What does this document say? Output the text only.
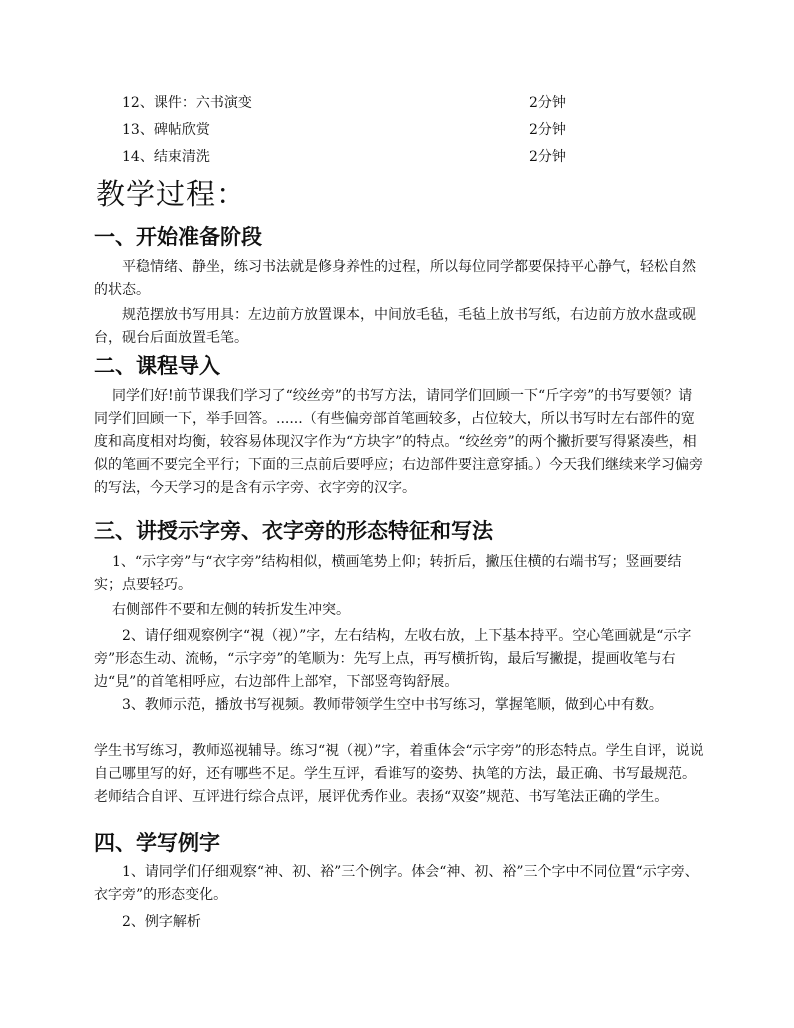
12、课件：六书演变	2分钟
13、碑帖欣赏	2分钟
14、结束清洗	2分钟
教学过程：
一、开始准备阶段

平稳情绪、静坐，练习书法就是修身养性的过程，所以每位同学都要保持平心静气，轻松自然的状态。

规范摆放书写用具：左边前方放置课本，中间放毛毡，毛毡上放书写纸，右边前方放水盘或砚台，砚台后面放置毛笔。

二、课程导入

同学们好!前节课我们学习了“绞丝旁”的书写方法，请同学们回顾一下“斤字旁”的书写要领？请同学们回顾一下，举手回答。......（有些偏旁部首笔画较多，占位较大，所以书写时左右部件的宽度和高度相对均衡，较容易体现汉字作为“方块字”的特点。“绞丝旁”的两个撇折要写得紧凑些，相似的笔画不要完全平行；下面的三点前后要呼应；右边部件要注意穿插。）今天我们继续来学习偏旁的写法，今天学习的是含有示字旁、衣字旁的汉字。

三、讲授示字旁、衣字旁的形态特征和写法

1、“示字旁”与“衣字旁”结构相似，横画笔势上仰；转折后，撇压住横的右端书写；竖画要结实；点要轻巧。

右侧部件不要和左侧的转折发生冲突。

2、请仔细观察例字“視（视）”字，左右结构，左收右放，上下基本持平。空心笔画就是“示字旁”形态生动、流畅，“示字旁”的笔顺为：先写上点，再写横折钩，最后写撇提，提画收笔与右边“見”的首笔相呼应，右边部件上部窄，下部竖弯钩舒展。

3、教师示范，播放书写视频。教师带领学生空中书写练习，掌握笔顺，做到心中有数。

学生书写练习，教师巡视辅导。练习“視（视）”字，着重体会“示字旁”的形态特点。学生自评，说说自己哪里写的好，还有哪些不足。学生互评，看谁写的姿势、执笔的方法，最正确、书写最规范。老师结合自评、互评进行综合点评，展评优秀作业。表扬“双姿”规范、书写笔法正确的学生。

四、学写例字

1、请同学们仔细观察“神、初、裕”三个例字。体会“神、初、裕”三个字中不同位置“示字旁、衣字旁”的形态变化。

2、例字解析
